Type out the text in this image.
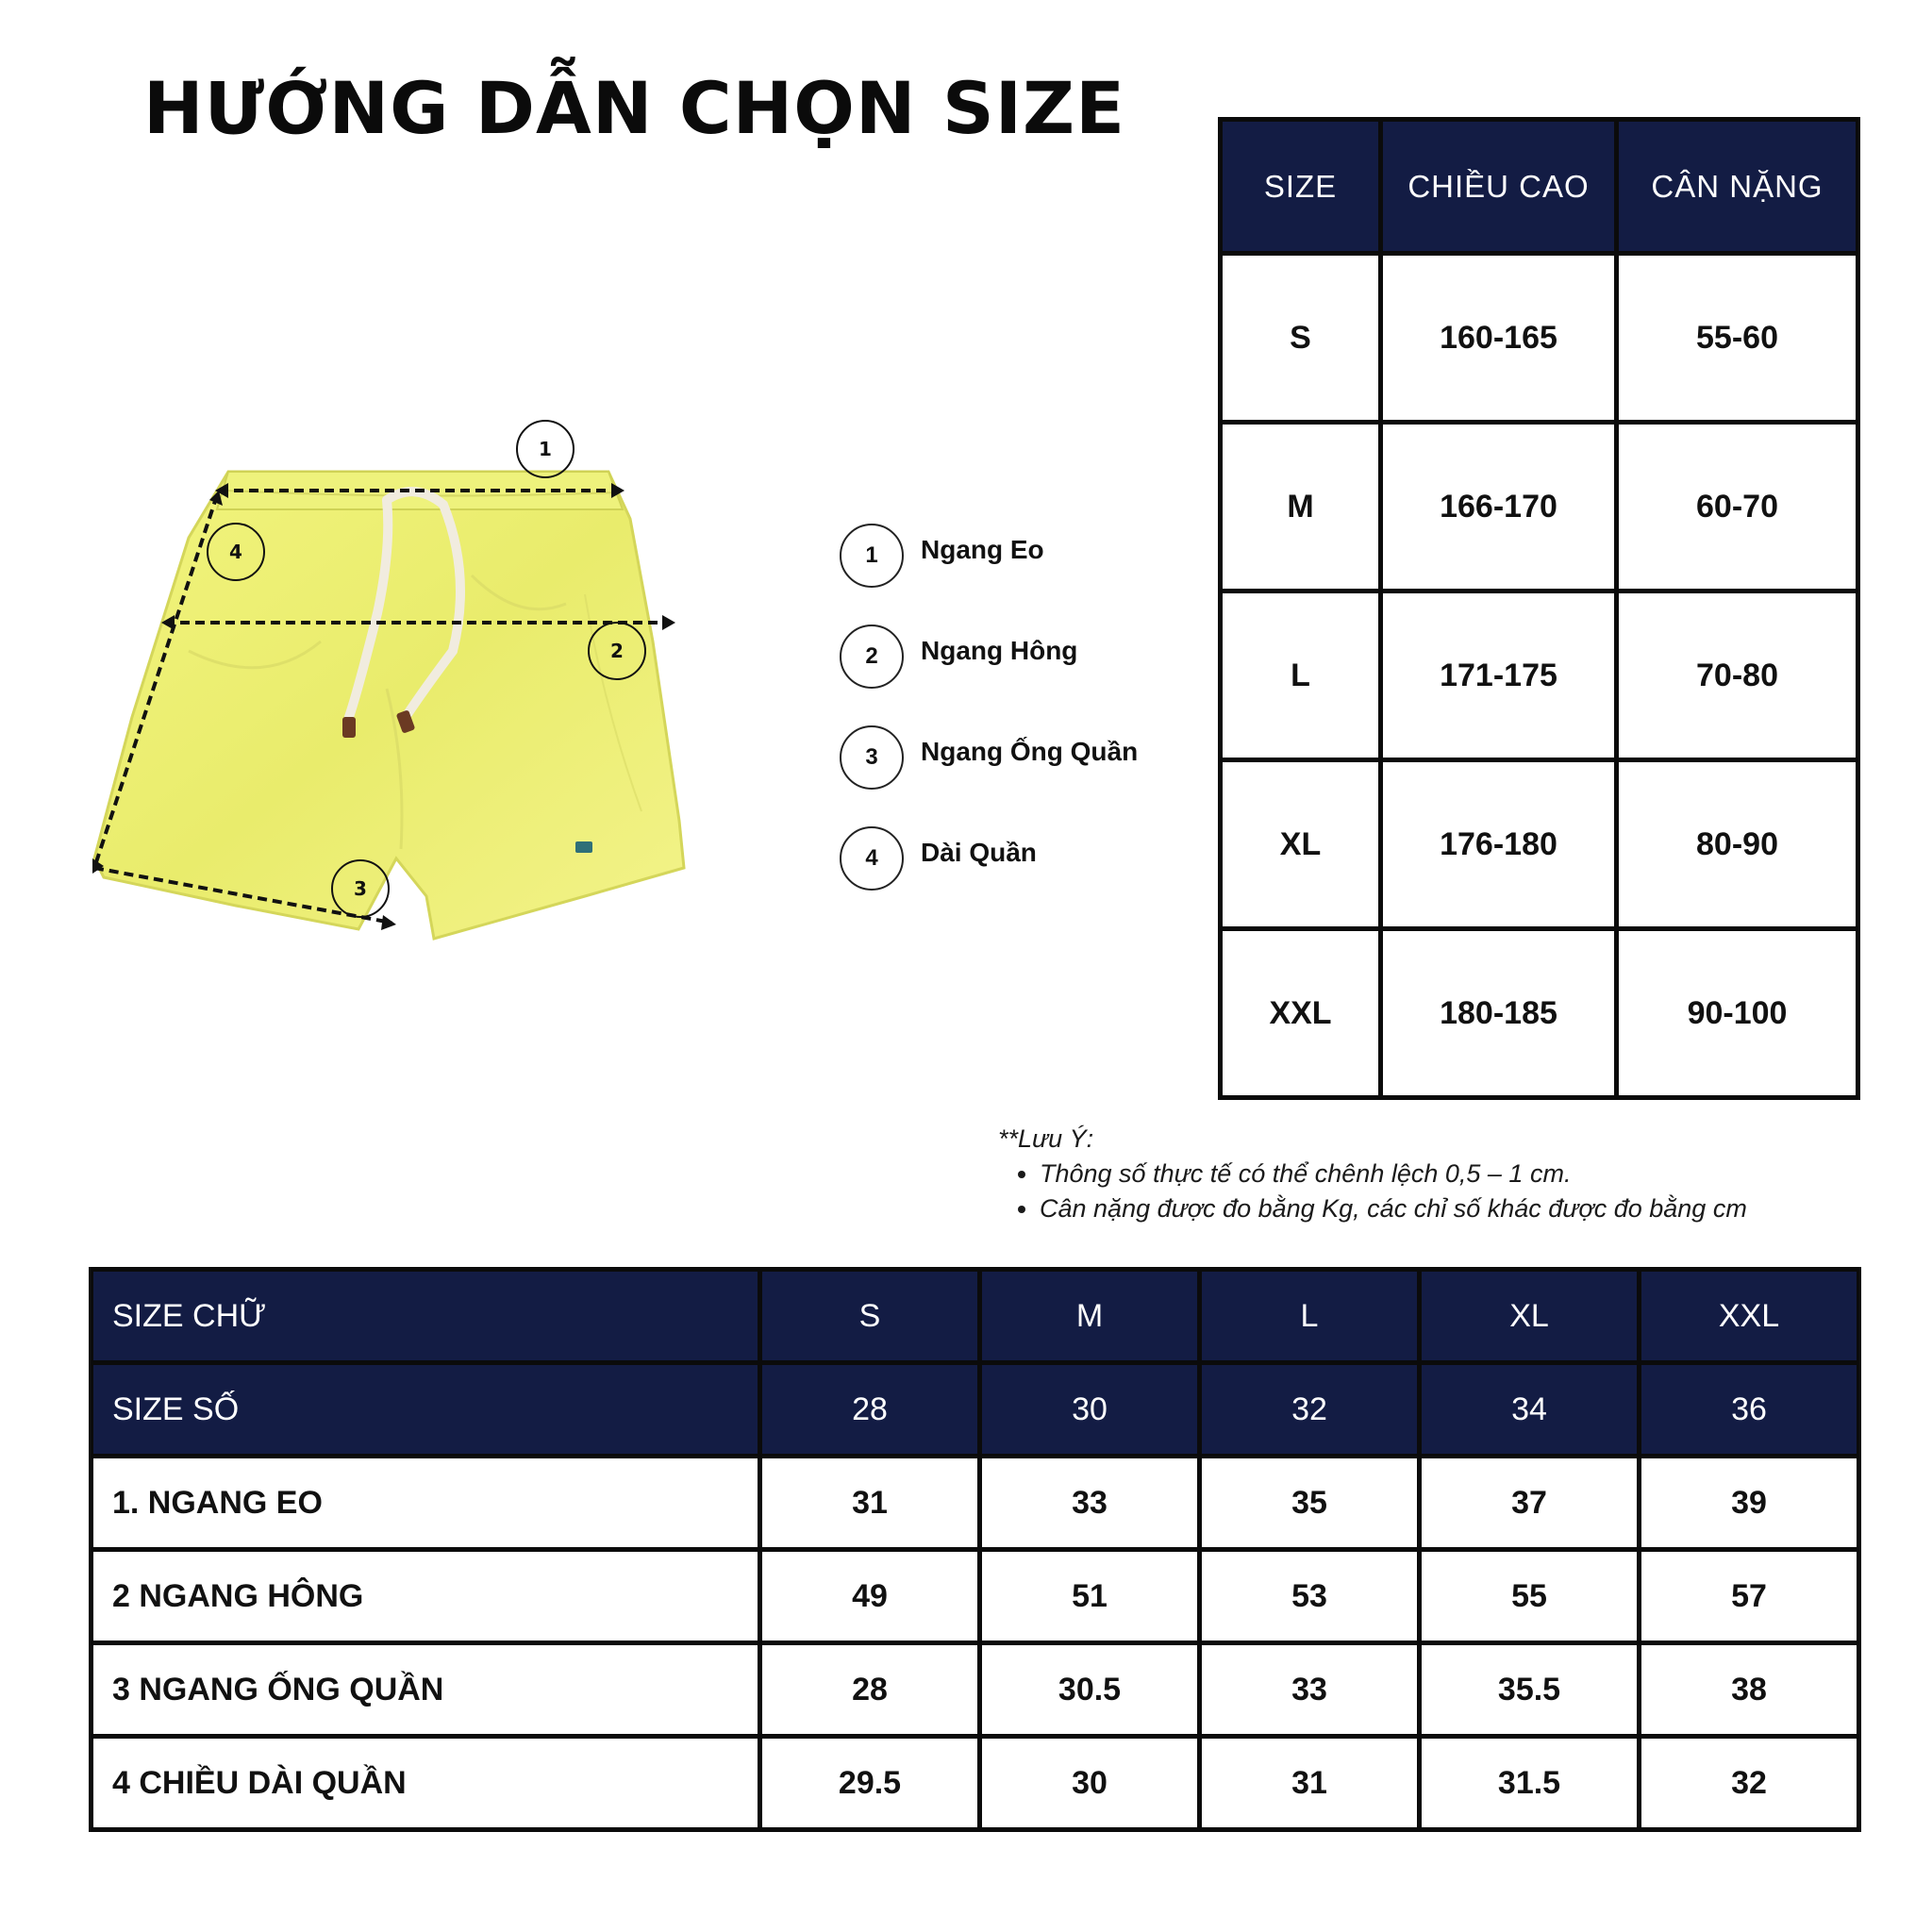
HƯỚNG DẪN CHỌN SIZE
1
4
2
3
1	Ngang Eo
2	Ngang Hông
3	Ngang Ống Quần
4	Dài Quần
SIZE	CHIỀU CAO	CÂN NẶNG
S	160-165	55-60
M	166-170	60-70
L	171-175	70-80
XL	176-180	80-90
XXL	180-185	90-100
**Lưu Ý:
• Thông số thực tế có thể chênh lệch 0,5 – 1 cm.
• Cân nặng được đo bằng Kg, các chỉ số khác được đo bằng cm
SIZE CHỮ	S	M	L	XL	XXL
SIZE SỐ	28	30	32	34	36
1. NGANG EO	31	33	35	37	39
2 NGANG HÔNG	49	51	53	55	57
3 NGANG ỐNG QUẦN	28	30.5	33	35.5	38
4 CHIỀU DÀI QUẦN	29.5	30	31	31.5	32
